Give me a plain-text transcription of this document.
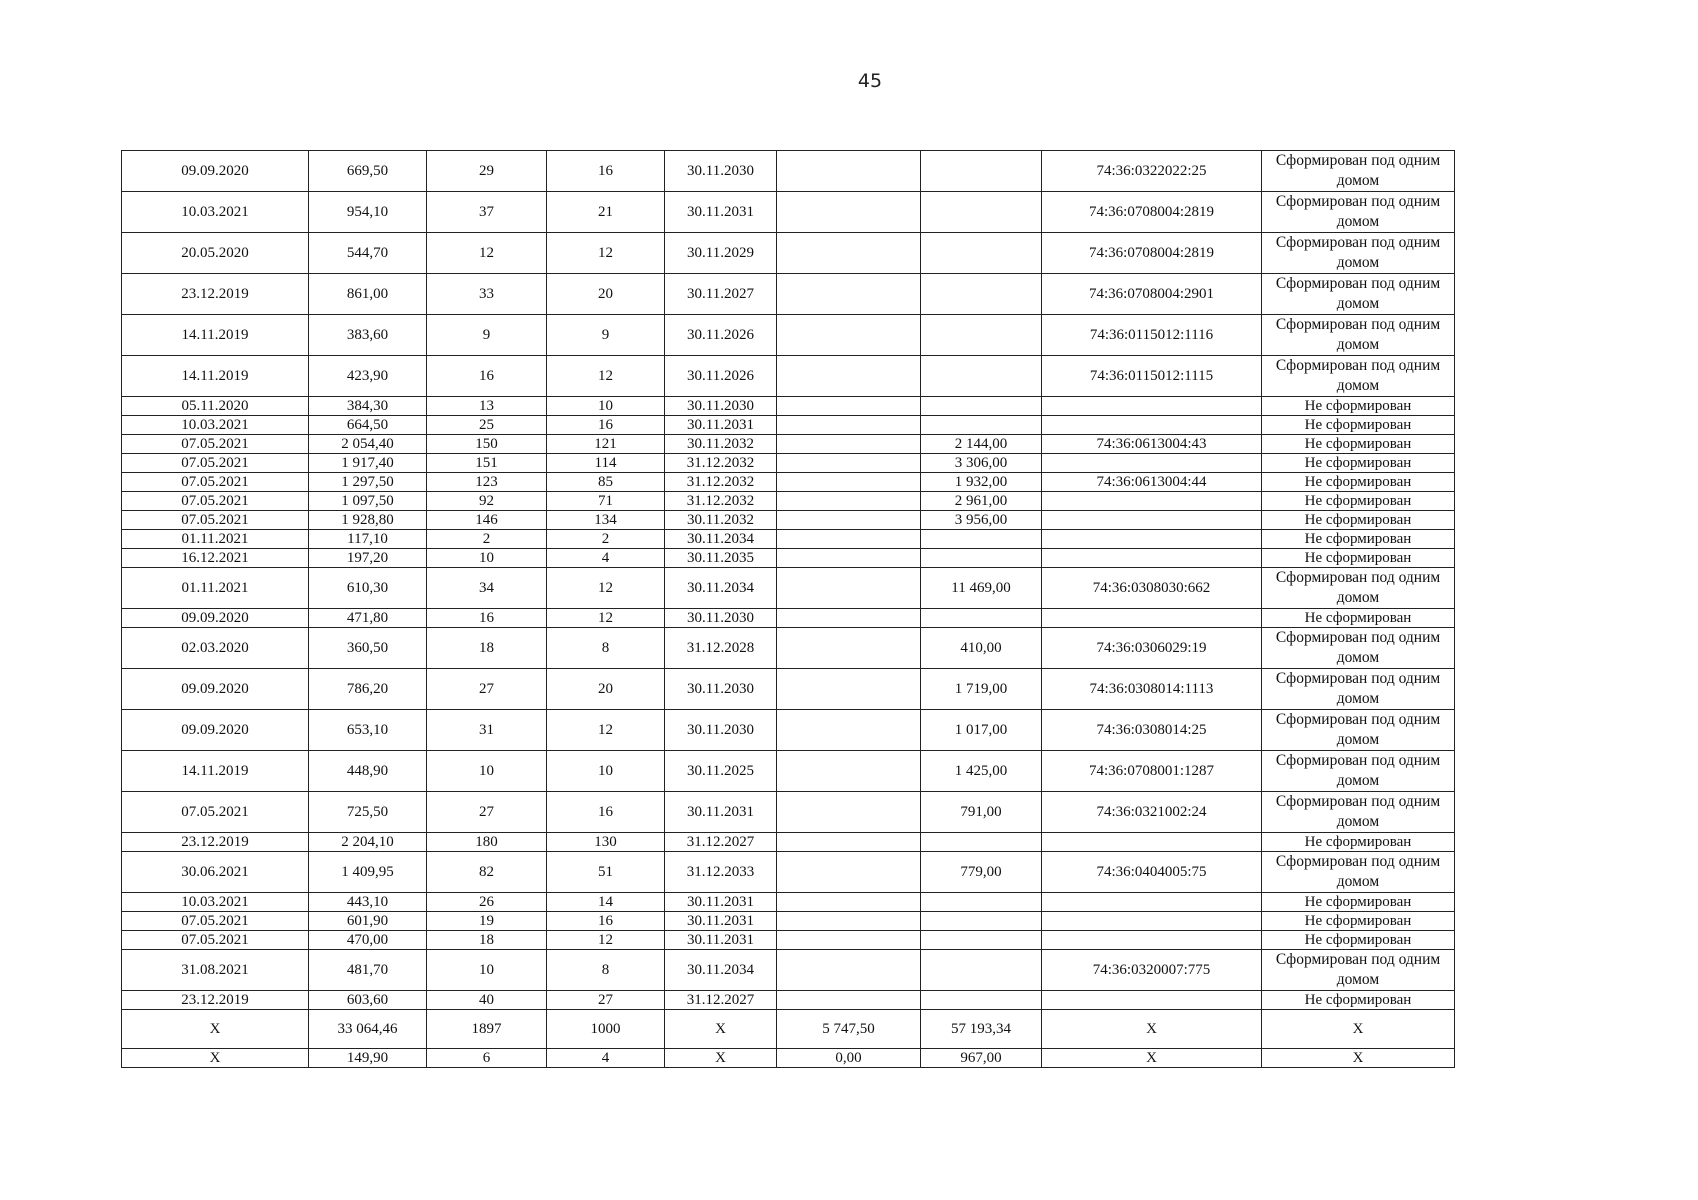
45
09.09.2020	669,50	29	16	30.11.2030			74:36:0322022:25	Сформирован под одним домом
10.03.2021	954,10	37	21	30.11.2031			74:36:0708004:2819	Сформирован под одним домом
20.05.2020	544,70	12	12	30.11.2029			74:36:0708004:2819	Сформирован под одним домом
23.12.2019	861,00	33	20	30.11.2027			74:36:0708004:2901	Сформирован под одним домом
14.11.2019	383,60	9	9	30.11.2026			74:36:0115012:1116	Сформирован под одним домом
14.11.2019	423,90	16	12	30.11.2026			74:36:0115012:1115	Сформирован под одним домом
05.11.2020	384,30	13	10	30.11.2030				Не сформирован
10.03.2021	664,50	25	16	30.11.2031				Не сформирован
07.05.2021	2 054,40	150	121	30.11.2032		2 144,00	74:36:0613004:43	Не сформирован
07.05.2021	1 917,40	151	114	31.12.2032		3 306,00		Не сформирован
07.05.2021	1 297,50	123	85	31.12.2032		1 932,00	74:36:0613004:44	Не сформирован
07.05.2021	1 097,50	92	71	31.12.2032		2 961,00		Не сформирован
07.05.2021	1 928,80	146	134	30.11.2032		3 956,00		Не сформирован
01.11.2021	117,10	2	2	30.11.2034				Не сформирован
16.12.2021	197,20	10	4	30.11.2035				Не сформирован
01.11.2021	610,30	34	12	30.11.2034		11 469,00	74:36:0308030:662	Сформирован под одним домом
09.09.2020	471,80	16	12	30.11.2030				Не сформирован
02.03.2020	360,50	18	8	31.12.2028		410,00	74:36:0306029:19	Сформирован под одним домом
09.09.2020	786,20	27	20	30.11.2030		1 719,00	74:36:0308014:1113	Сформирован под одним домом
09.09.2020	653,10	31	12	30.11.2030		1 017,00	74:36:0308014:25	Сформирован под одним домом
14.11.2019	448,90	10	10	30.11.2025		1 425,00	74:36:0708001:1287	Сформирован под одним домом
07.05.2021	725,50	27	16	30.11.2031		791,00	74:36:0321002:24	Сформирован под одним домом
23.12.2019	2 204,10	180	130	31.12.2027				Не сформирован
30.06.2021	1 409,95	82	51	31.12.2033		779,00	74:36:0404005:75	Сформирован под одним домом
10.03.2021	443,10	26	14	30.11.2031				Не сформирован
07.05.2021	601,90	19	16	30.11.2031				Не сформирован
07.05.2021	470,00	18	12	30.11.2031				Не сформирован
31.08.2021	481,70	10	8	30.11.2034			74:36:0320007:775	Сформирован под одним домом
23.12.2019	603,60	40	27	31.12.2027				Не сформирован
X	33 064,46	1897	1000	X	5 747,50	57 193,34	X	X
X	149,90	6	4	X	0,00	967,00	X	X
